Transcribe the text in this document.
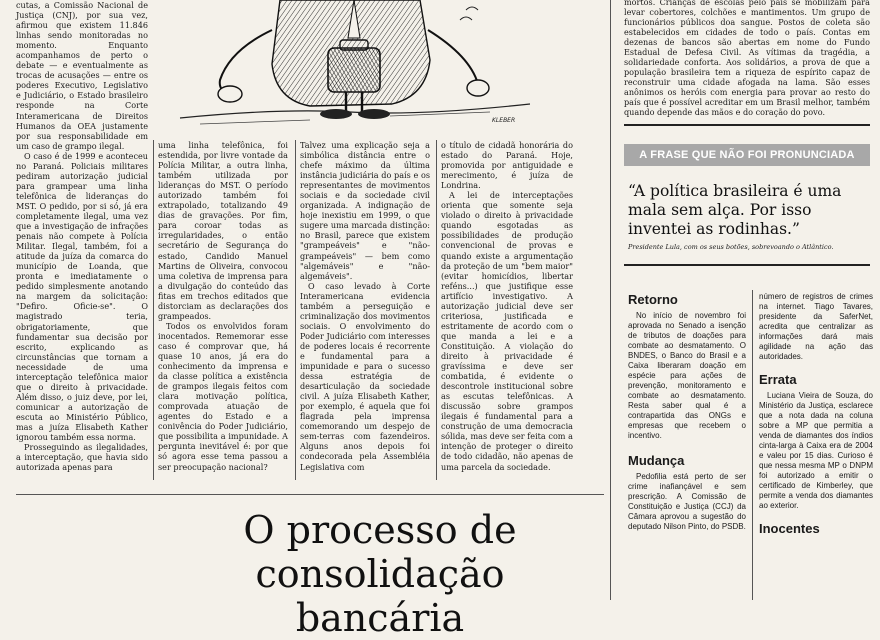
KLEBER

cutas, a Comissão Nacional de Justiça (CNJ), por sua vez, afirmou que existem 11.846 linhas sendo monitoradas no momento. Enquanto acompanhamos de perto o debate — e eventualmente as trocas de acusações — entre os poderes Executivo, Legislativo e Judiciário, o Estado brasileiro responde na Corte Interamericana de Direitos Humanos da OEA justamente por sua responsabilidade em um caso de grampo ilegal.

O caso é de 1999 e aconteceu no Paraná. Policiais militares pediram autorização judicial para grampear uma linha telefônica de lideranças do MST. O pedido, por si só, já era completamente ilegal, uma vez que a investigação de infrações penais não compete à Polícia Militar. Ilegal, também, foi a atitude da juíza da comarca do município de Loanda, que pronta e imediatamente o pedido simplesmente anotando na margem da solicitação: "Defiro. Oficie-se". O magistrado teria, obrigatoriamente, que fundamentar sua decisão por escrito, explicando as circunstâncias que tornam a necessidade de uma interceptação telefônica maior que o direito à privacidade. Além disso, o juiz deve, por lei, comunicar a autorização de escuta ao Ministério Público, mas a juíza Elisabeth Kather ignorou também essa norma.

Prosseguindo as ilegalidades, a interceptação, que havia sido autorizada apenas para

uma linha telefônica, foi estendida, por livre vontade da Polícia Militar, a outra linha, também utilizada por lideranças do MST. O período autorizado também foi extrapolado, totalizando 49 dias de gravações. Por fim, para coroar todas as irregularidades, o então secretário de Segurança do estado, Candido Manuel Martins de Oliveira, convocou uma coletiva de imprensa para a divulgação do conteúdo das fitas em trechos editados que distorciam as declarações dos grampeados.

Todos os envolvidos foram inocentados. Rememorar esse caso é comprovar que, há quase 10 anos, já era do conhecimento da imprensa e da classe política a existência de grampos ilegais feitos com clara motivação política, comprovada atuação de agentes do Estado e a conivência do Poder Judiciário, que possibilita a impunidade. A pergunta inevitável é: por que só agora esse tema passou a ser preocupação nacional?

Talvez uma explicação seja a simbólica distância entre o chefe máximo da última instância judiciária do país e os representantes de movimentos sociais e da sociedade civil organizada. A indignação de hoje inexistiu em 1999, o que sugere uma marcada distinção: no Brasil, parece que existem "grampeáveis" e "não-grampeáveis" — bem como "algemáveis" e "não-algemáveis".

O caso levado à Corte Interamericana evidencia também a perseguição e criminalização dos movimentos sociais. O envolvimento do Poder Judiciário com interesses de poderes locais é recorrente e fundamental para a impunidade e para o sucesso dessa estratégia de desarticulação da sociedade civil. A juíza Elisabeth Kather, por exemplo, é aquela que foi flagrada pela imprensa comemorando um despejo de sem-terras com fazendeiros. Alguns anos depois foi condecorada pela Assembléia Legislativa com

o título de cidadã honorária do estado do Paraná. Hoje, promovida por antiguidade e merecimento, é juíza de Londrina.

A lei de interceptações orienta que somente seja violado o direito à privacidade quando esgotadas as possibilidades de produção convencional de provas e quando existe a argumentação da proteção de um "bem maior" (evitar homicídios, libertar reféns...) que justifique esse artifício investigativo. A autorização judicial deve ser criteriosa, justificada e estritamente de acordo com o que manda a lei e a Constituição. A violação do direito à privacidade é gravíssima e deve ser combatida, é evidente o descontrole institucional sobre as escutas telefônicas. A discussão sobre grampos ilegais é fundamental para a construção de uma democracia sólida, mas deve ser feita com a intenção de proteger o direito de todo cidadão, não apenas de uma parcela da sociedade.

O processo de
consolidação bancária
mortos. Crianças de escolas pelo país se mobilizam para levar cobertores, colchões e mantimentos. Um grupo de funcionários públicos doa sangue. Postos de coleta são estabelecidos em cidades de todo o país. Contas em dezenas de bancos são abertas em nome do Fundo Estadual de Defesa Civil. As vítimas da tragédia, a solidariedade conforta. Aos solidários, a prova de que a população brasileira tem a riqueza de espírito capaz de reconstruir uma cidade afogada na lama. São esses anônimos os heróis com energia para provar ao resto do país que é possível acreditar em um Brasil melhor, também quando depende das mãos e do coração do povo.
A FRASE QUE NÃO FOI PRONUNCIADA
“A política brasileira é uma mala sem alça. Por isso inventei as rodinhas.”
Presidente Lula, com os seus botões, sobrevoando o Atlântico.
Retorno
No início de novembro foi aprovada no Senado a isenção de tributos de doações para combate ao desmatamento. O BNDES, o Banco do Brasil e a Caixa liberaram doação em espécie para ações de prevenção, monitoramento e combate ao desmatamento. Resta saber qual é a contrapartida das ONGs e empresas que recebem o incentivo.
Mudança
Pedofilia está perto de ser crime inafiançável e sem prescrição. A Comissão de Constituição e Justiça (CCJ) da Câmara aprovou a sugestão do deputado Nilson Pinto, do PSDB.
número de registros de crimes na internet. Tiago Tavares, presidente da SaferNet, acredita que centralizar as informações dará mais agilidade na ação das autoridades.
Errata
Luciana Vieira de Souza, do Ministério da Justiça, esclarece que a nota dada na coluna sobre a MP que permitia a venda de diamantes dos índios cinta-larga à Caixa era de 2004 e valeu por 15 dias. Curioso é que nessa mesma MP o DNPM foi autorizado a emitir o certificado de Kimberley, que permite a venda dos diamantes ao exterior.
Inocentes
